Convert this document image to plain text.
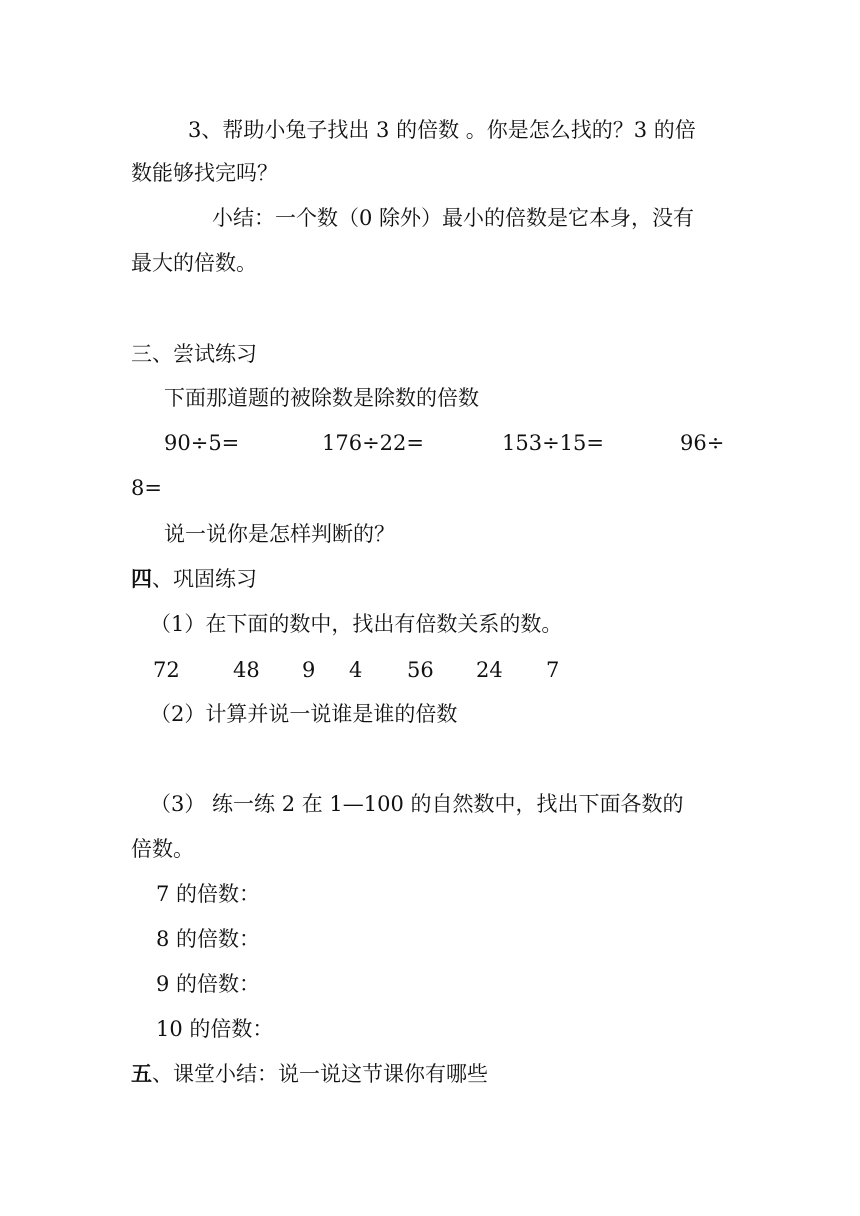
3、帮助小兔子找出 3 的倍数 。你是怎么找的？3 的倍
数能够找完吗？
小结：一个数（0 除外）最小的倍数是它本身，没有
最大的倍数。
三、尝试练习
下面那道题的被除数是除数的倍数
90÷5=	176÷22=	153÷15=	96÷
8=
说一说你是怎样判断的？
四、巩固练习
（1）在下面的数中，找出有倍数关系的数。
72	48 9 4 56 24 7
（2）计算并说一说谁是谁的倍数
（3） 练一练 2 在 1—100 的自然数中，找出下面各数的
倍数。
7 的倍数：
8 的倍数：
9 的倍数：
10 的倍数：
五、课堂小结：说一说这节课你有哪些
